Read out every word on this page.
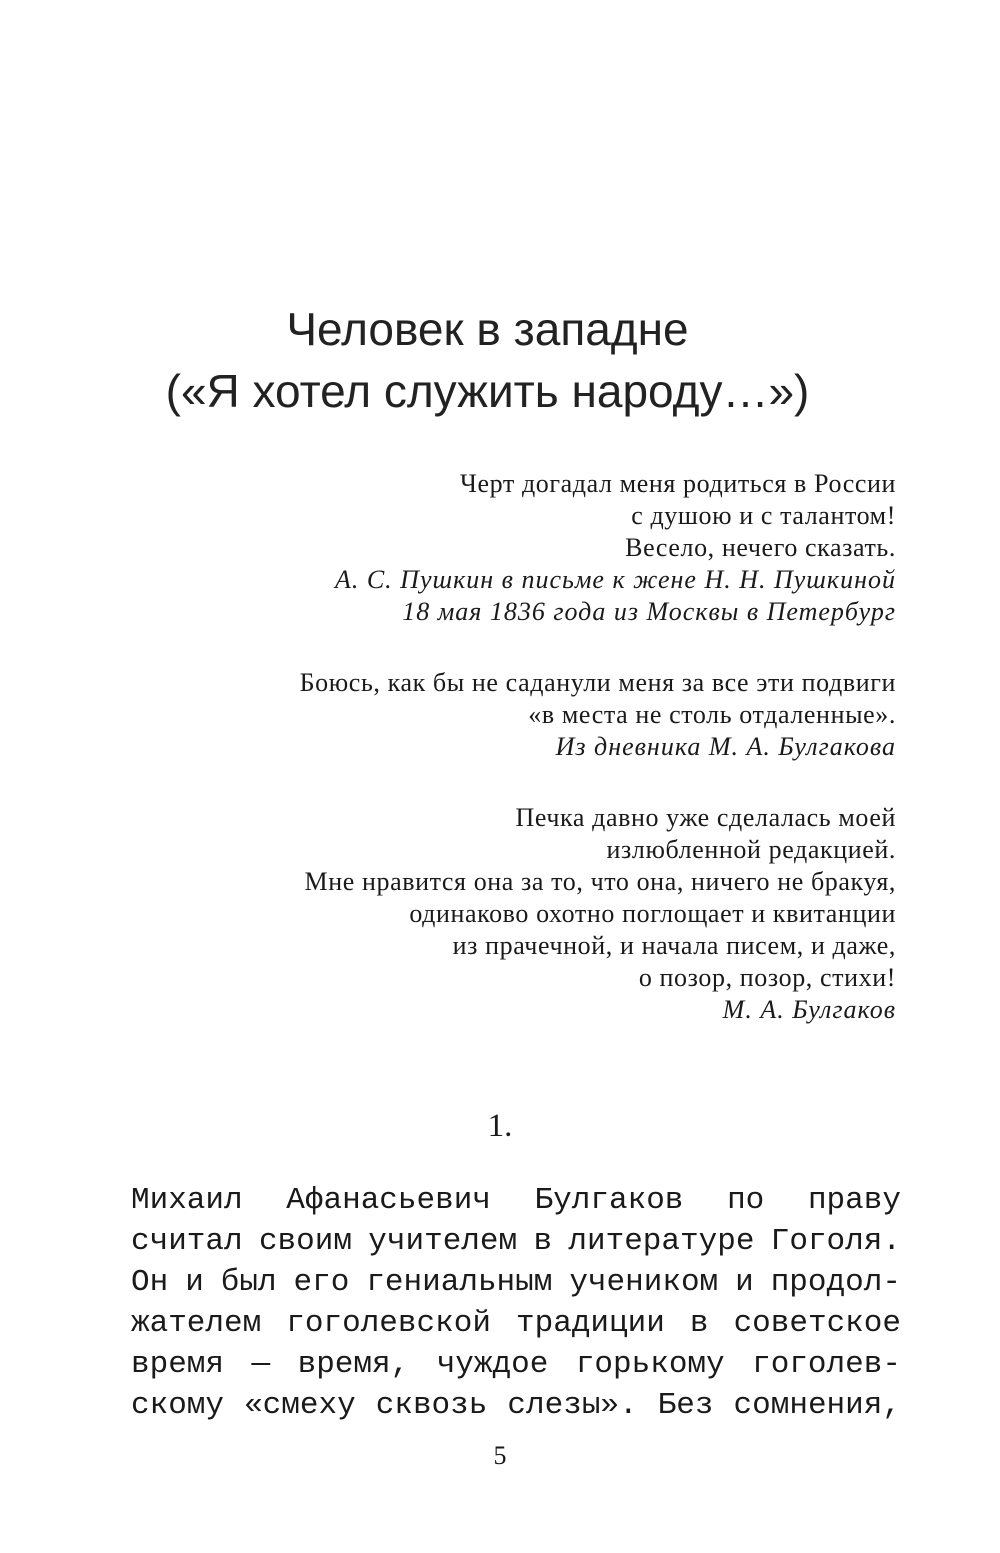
Человек в западне
(«Я хотел служить народу…»)
Черт догадал меня родиться в России
с душою и с талантом!
Весело, нечего сказать.
А. С. Пушкин в письме к жене Н. Н. Пушкиной
18 мая 1836 года из Москвы в Петербург
Боюсь, как бы не саданули меня за все эти подвиги
«в места не столь отдаленные».
Из дневника М. А. Булгакова
Печка давно уже сделалась моей
излюбленной редакцией.
Мне нравится она за то, что она, ничего не бракуя,
одинаково охотно поглощает и квитанции
из прачечной, и начала писем, и даже,
о позор, позор, стихи!
М. А. Булгаков
1.
Михаил Афанасьевич Булгаков по праву
считал своим учителем в литературе Гоголя.
Он и был его гениальным учеником и продол-
жателем гоголевской традиции в советское
время — время, чуждое горькому гоголев-
скому «смеху сквозь слезы». Без сомнения,
5
